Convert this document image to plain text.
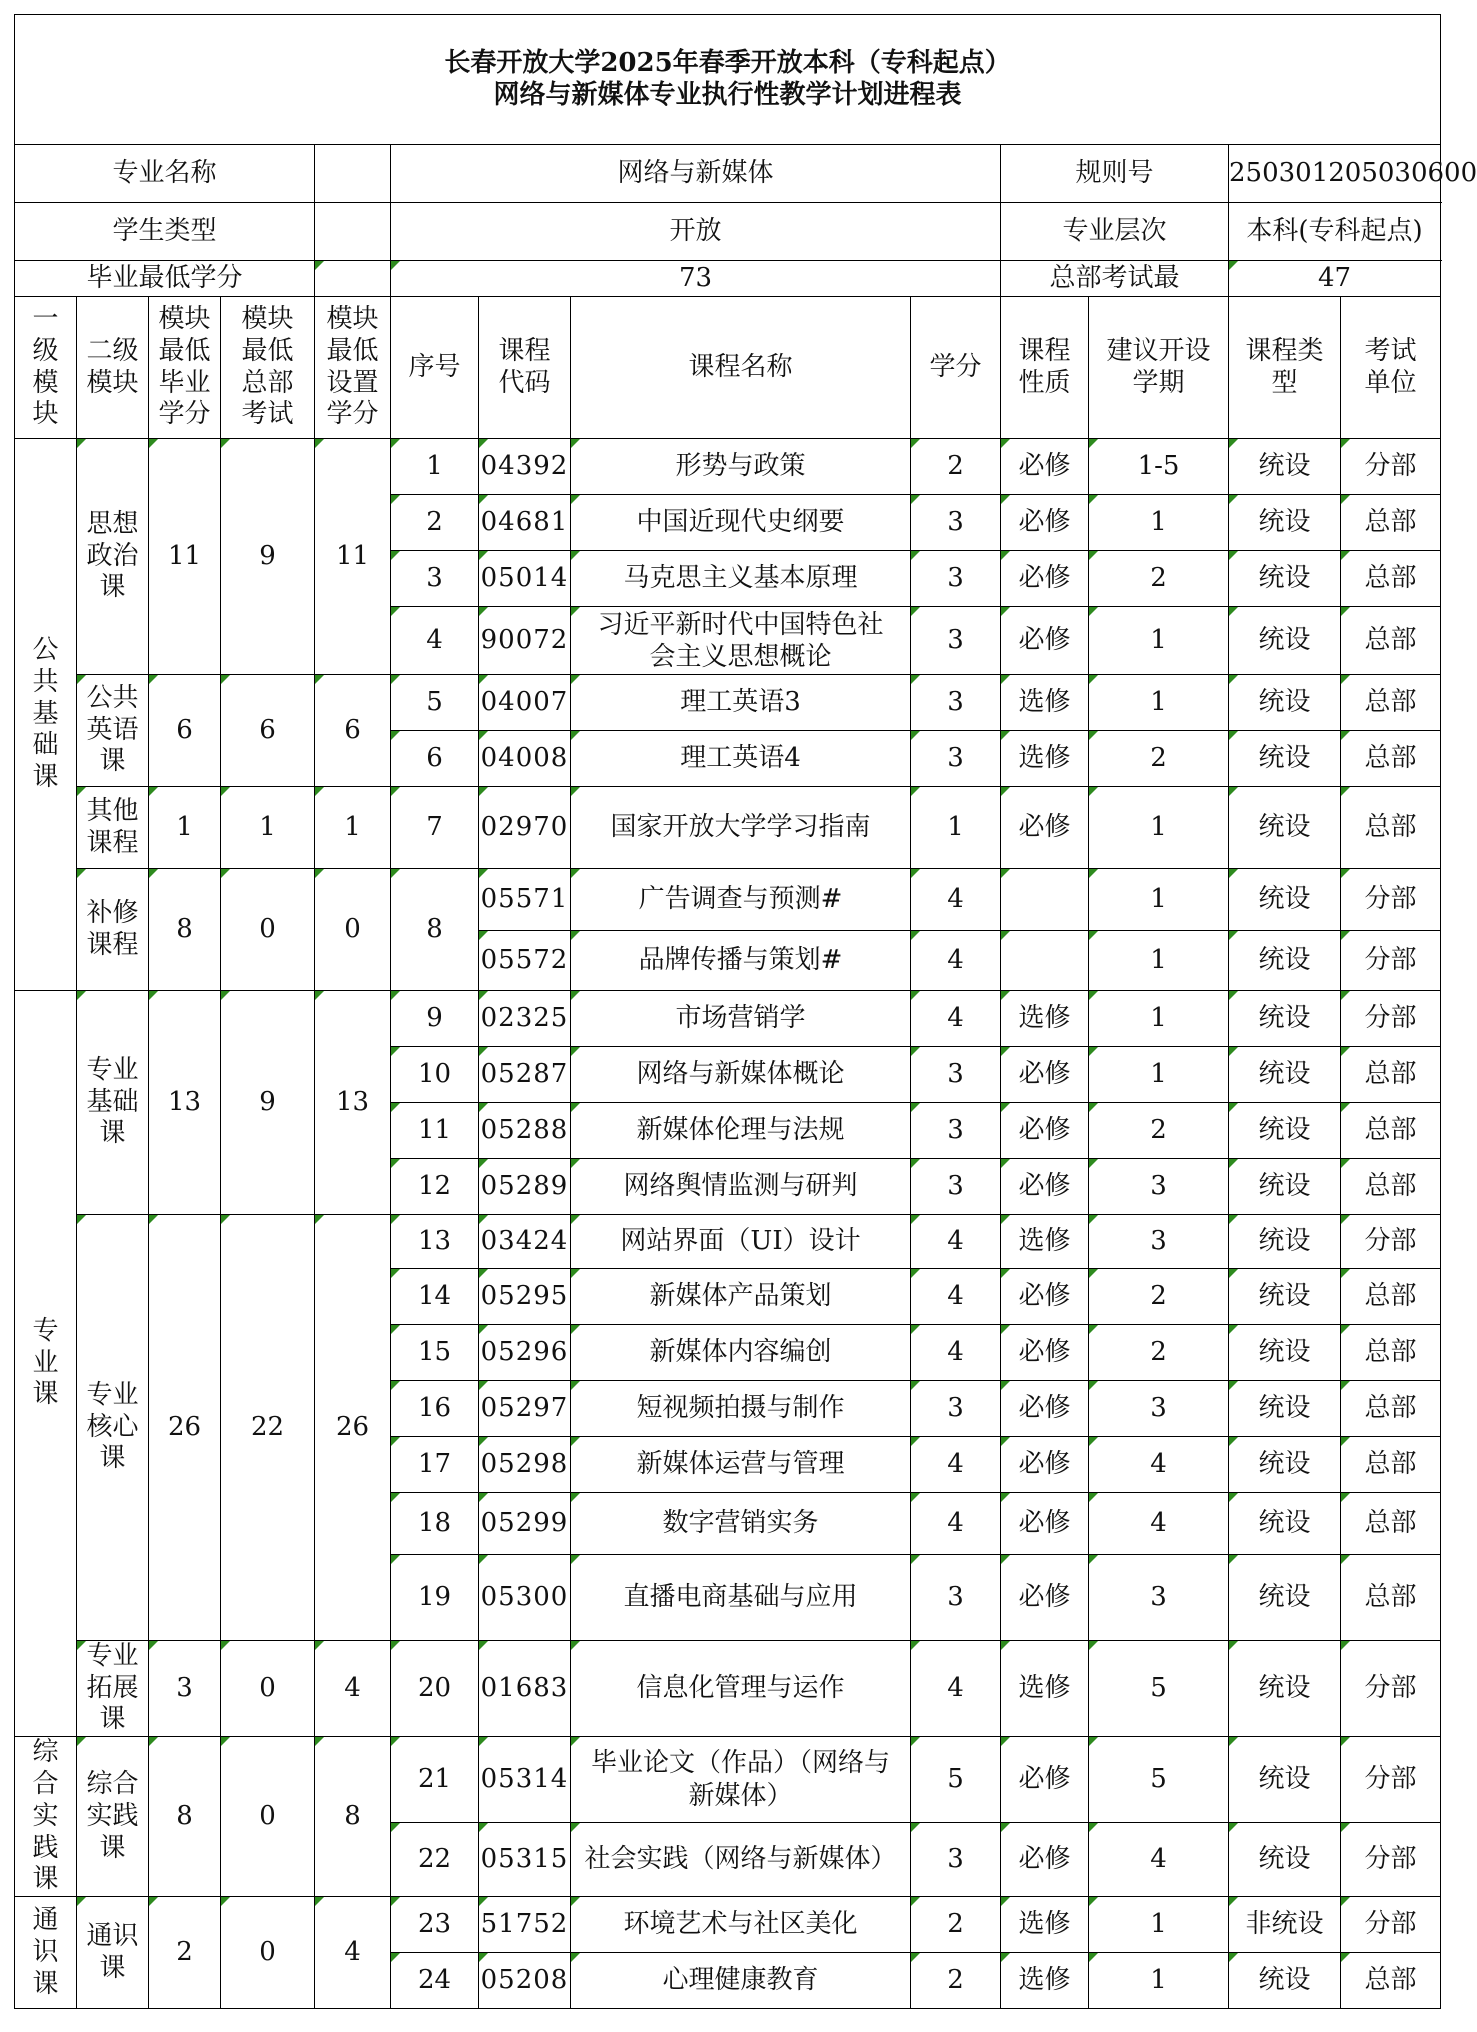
长春开放大学2025年春季开放本科（专科起点）
网络与新媒体专业执行性教学计划进程表												

专业名称					网络与新媒体				规则号		250301205030600	
学生类型					开放				专业层次		本科(专科起点)	
毕业最低学分					73				总部考试最		47	
一级模块	二级模块	模块最低毕业学分	模块最低总部考试	模块最低设置学分	序号	课程代码	课程名称	学分	课程性质	建议开设学期	课程类型	考试单位
公共基础课	思想政治课	11	9	11	1	04392	形势与政策	2	必修	1-5	统设	分部
					2	04681	中国近现代史纲要	3	必修	1	统设	总部
					3	05014	马克思主义基本原理	3	必修	2	统设	总部
					4	90072	习近平新时代中国特色社会主义思想概论	3	必修	1	统设	总部

	公共英语课	6	6	6	5	04007	理工英语3	3	选修	1	统设	总部
					6	04008	理工英语4	3	选修	2	统设	总部

	其他课程	1	1	1	7	02970	国家开放大学学习指南	1	必修	1	统设	总部

	补修课程	8	0	0	8	05571	广告调查与预测#	4		1	统设	分部
						05572	品牌传播与策划#	4		1	统设	分部
专业课	专业基础课	13	9	13	9	02325	市场营销学	4	选修	1	统设	分部
					10	05287	网络与新媒体概论	3	必修	1	统设	总部
					11	05288	新媒体伦理与法规	3	必修	2	统设	总部
					12	05289	网络舆情监测与研判	3	必修	3	统设	总部

	专业核心课	26	22	26	13	03424	网站界面（UI）设计	4	选修	3	统设	分部
					14	05295	新媒体产品策划	4	必修	2	统设	总部
					15	05296	新媒体内容编创	4	必修	2	统设	总部
					16	05297	短视频拍摄与制作	3	必修	3	统设	总部
					17	05298	新媒体运营与管理	4	必修	4	统设	总部
					18	05299	数字营销实务	4	必修	4	统设	总部
					19	05300	直播电商基础与应用	3	必修	3	统设	总部

	专业拓展课	3	0	4	20	01683	信息化管理与运作	4	选修	5	统设	分部
综合实践课	综合实践课	8	0	8	21	05314	毕业论文（作品）（网络与新媒体）	5	必修	5	统设	分部
					22	05315	社会实践（网络与新媒体）	3	必修	4	统设	分部
通识课	通识课	2	0	4	23	51752	环境艺术与社区美化	2	选修	1	非统设	分部
					24	05208	心理健康教育	2	选修	1	统设	总部
